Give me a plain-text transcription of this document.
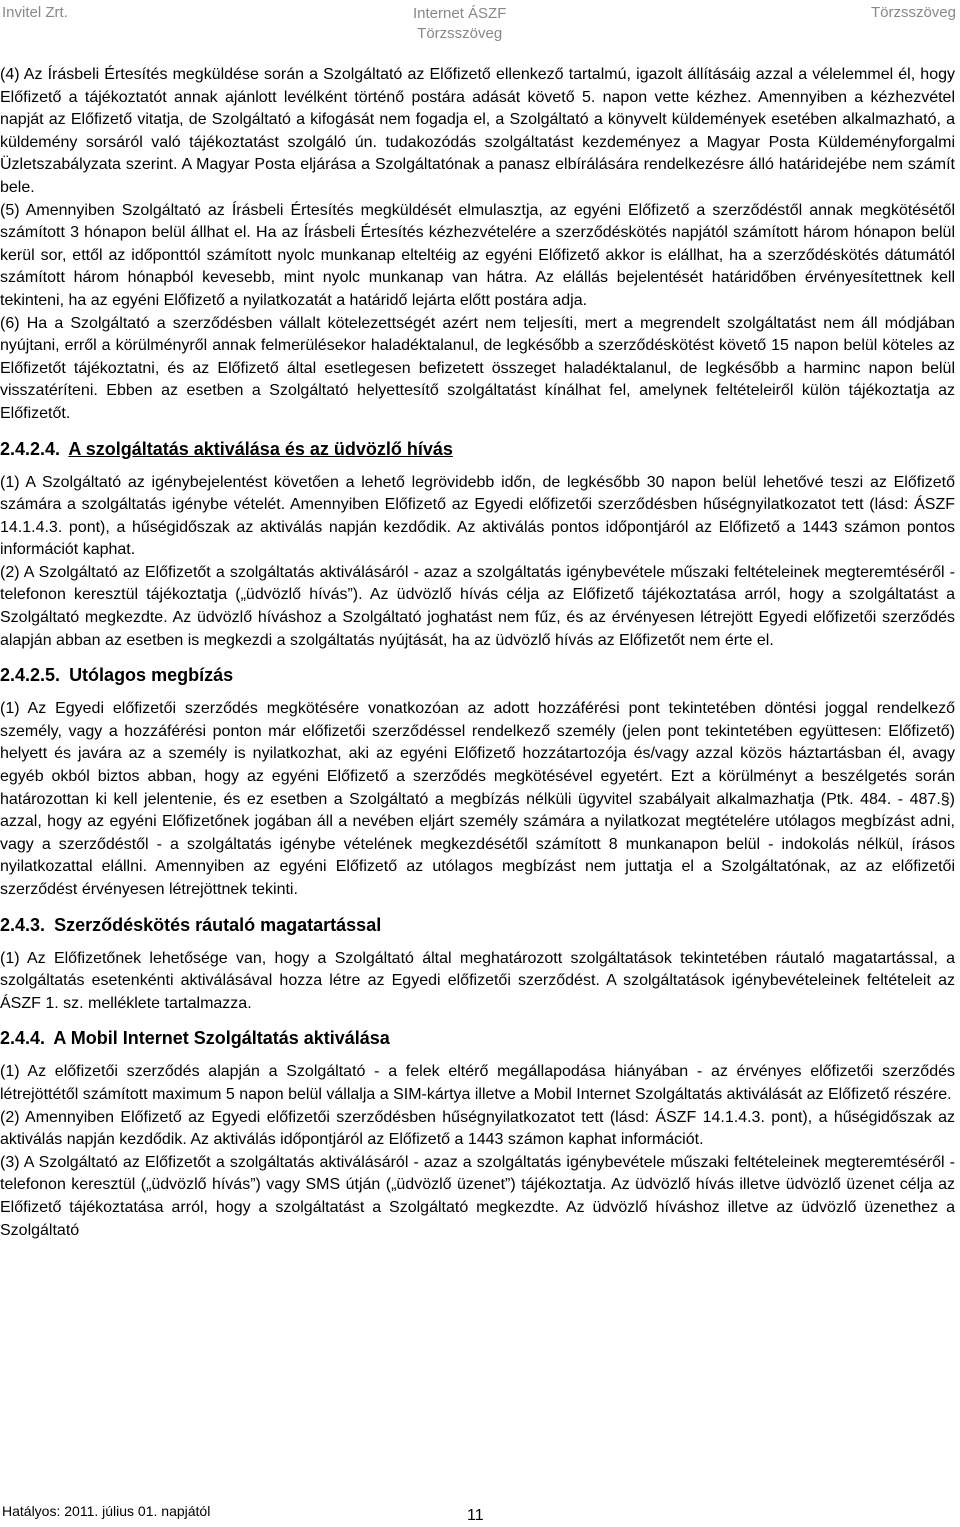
Invitel Zrt.	Internet ÁSZF
Törzsszöveg
Törzsszöveg

(4) Az Írásbeli Értesítés megküldése során a Szolgáltató az Előfizető ellenkező tartalmú, igazolt állításáig azzal a vélelemmel él, hogy Előfizető a tájékoztatót annak ajánlott levélként történő postára adását követő 5. napon vette kézhez. Amennyiben a kézhezvétel napját az Előfizető vitatja, de Szolgáltató a kifogását nem fogadja el, a Szolgáltató a könyvelt küldemények esetében alkalmazható, a küldemény sorsáról való tájékoztatást szolgáló ún. tudakozódás szolgáltatást kezdeményez a Magyar Posta Küldeményforgalmi Üzletszabályzata szerint. A Magyar Posta eljárása a Szolgáltatónak a panasz elbírálására rendelkezésre álló határidejébe nem számít bele.

(5) Amennyiben Szolgáltató az Írásbeli Értesítés megküldését elmulasztja, az egyéni Előfizető a szerződéstől annak megkötésétől számított 3 hónapon belül állhat el. Ha az Írásbeli Értesítés kézhezvételére a szerződéskötés napjától számított három hónapon belül kerül sor, ettől az időponttól számított nyolc munkanap elteltéig az egyéni Előfizető akkor is elállhat, ha a szerződéskötés dátumától számított három hónapból kevesebb, mint nyolc munkanap van hátra. Az elállás bejelentését határidőben érvényesítettnek kell tekinteni, ha az egyéni Előfizető a nyilatkozatát a határidő lejárta előtt postára adja.

(6) Ha a Szolgáltató a szerződésben vállalt kötelezettségét azért nem teljesíti, mert a megrendelt szolgáltatást nem áll módjában nyújtani, erről a körülményről annak felmerülésekor haladéktalanul, de legkésőbb a szerződéskötést követő 15 napon belül köteles az Előfizetőt tájékoztatni, és az Előfizető által esetlegesen befizetett összeget haladéktalanul, de legkésőbb a harminc napon belül visszatéríteni. Ebben az esetben a Szolgáltató helyettesítő szolgáltatást kínálhat fel, amelynek feltételeiről külön tájékoztatja az Előfizetőt.

2.4.2.4. A szolgáltatás aktiválása és az üdvözlő hívás

(1) A Szolgáltató az igénybejelentést követően a lehető legrövidebb időn, de legkésőbb 30 napon belül lehetővé teszi az Előfizető számára a szolgáltatás igénybe vételét. Amennyiben Előfizető az Egyedi előfizetői szerződésben hűségnyilatkozatot tett (lásd: ÁSZF 14.1.4.3. pont), a hűségidőszak az aktiválás napján kezdődik. Az aktiválás pontos időpontjáról az Előfizető a 1443 számon pontos információt kaphat.

(2) A Szolgáltató az Előfizetőt a szolgáltatás aktiválásáról - azaz a szolgáltatás igénybevétele műszaki feltételeinek megteremtéséről - telefonon keresztül tájékoztatja („üdvözlő hívás”). Az üdvözlő hívás célja az Előfizető tájékoztatása arról, hogy a szolgáltatást a Szolgáltató megkezdte. Az üdvözlő híváshoz a Szolgáltató joghatást nem fűz, és az érvényesen létrejött Egyedi előfizetői szerződés alapján abban az esetben is megkezdi a szolgáltatás nyújtását, ha az üdvözlő hívás az Előfizetőt nem érte el.

2.4.2.5. Utólagos megbízás

(1) Az Egyedi előfizetői szerződés megkötésére vonatkozóan az adott hozzáférési pont tekintetében döntési joggal rendelkező személy, vagy a hozzáférési ponton már előfizetői szerződéssel rendelkező személy (jelen pont tekintetében együttesen: Előfizető) helyett és javára az a személy is nyilatkozhat, aki az egyéni Előfizető hozzátartozója és/vagy azzal közös háztartásban él, avagy egyéb okból biztos abban, hogy az egyéni Előfizető a szerződés megkötésével egyetért. Ezt a körülményt a beszélgetés során határozottan ki kell jelentenie, és ez esetben a Szolgáltató a megbízás nélküli ügyvitel szabályait alkalmazhatja (Ptk. 484. - 487.§) azzal, hogy az egyéni Előfizetőnek jogában áll a nevében eljárt személy számára a nyilatkozat megtételére utólagos megbízást adni, vagy a szerződéstől - a szolgáltatás igénybe vételének megkezdésétől számított 8 munkanapon belül - indokolás nélkül, írásos nyilatkozattal elállni. Amennyiben az egyéni Előfizető az utólagos megbízást nem juttatja el a Szolgáltatónak, az az előfizetői szerződést érvényesen létrejöttnek tekinti.

2.4.3. Szerződéskötés ráutaló magatartással

(1) Az Előfizetőnek lehetősége van, hogy a Szolgáltató által meghatározott szolgáltatások tekintetében ráutaló magatartással, a szolgáltatás esetenkénti aktiválásával hozza létre az Egyedi előfizetői szerződést. A szolgáltatások igénybevételeinek feltételeit az ÁSZF 1. sz. melléklete tartalmazza.

2.4.4. A Mobil Internet Szolgáltatás aktiválása

(1) Az előfizetői szerződés alapján a Szolgáltató - a felek eltérő megállapodása hiányában - az érvényes előfizetői szerződés létrejöttétől számított maximum 5 napon belül vállalja a SIM-kártya illetve a Mobil Internet Szolgáltatás aktiválását az Előfizető részére.

(2) Amennyiben Előfizető az Egyedi előfizetői szerződésben hűségnyilatkozatot tett (lásd: ÁSZF 14.1.4.3. pont), a hűségidőszak az aktiválás napján kezdődik. Az aktiválás időpontjáról az Előfizető a 1443 számon kaphat információt.

(3) A Szolgáltató az Előfizetőt a szolgáltatás aktiválásáról - azaz a szolgáltatás igénybevétele műszaki feltételeinek megteremtéséről - telefonon keresztül („üdvözlő hívás”) vagy SMS útján („üdvözlő üzenet”) tájékoztatja. Az üdvözlő hívás illetve üdvözlő üzenet célja az Előfizető tájékoztatása arról, hogy a szolgáltatást a Szolgáltató megkezdte. Az üdvözlő híváshoz illetve az üdvözlő üzenethez a Szolgáltató

Hatályos: 2011. július 01. napjától	11
